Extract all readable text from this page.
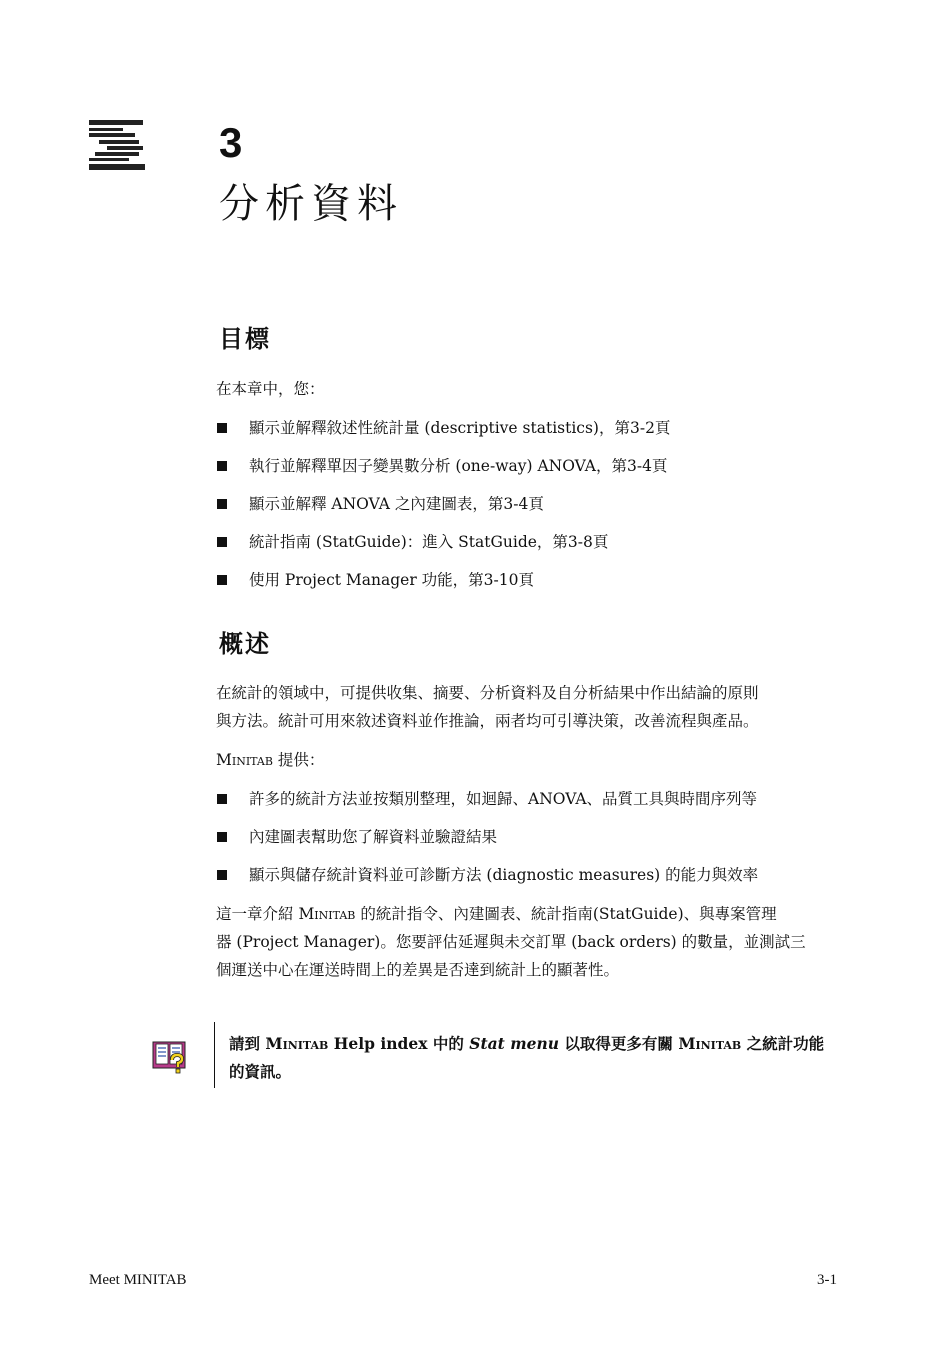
3
分析資料
目標
在本章中，您：
顯示並解釋敘述性統計量 (descriptive statistics)，第3-2頁
執行並解釋單因子變異數分析 (one-way) ANOVA，第3-4頁
顯示並解釋 ANOVA 之內建圖表，第3-4頁
統計指南 (StatGuide)：進入 StatGuide，第3-8頁
使用 Project Manager 功能，第3-10頁
概述
在統計的領域中，可提供收集、摘要、分析資料及自分析結果中作出結論的原則
與方法。統計可用來敘述資料並作推論，兩者均可引導決策，改善流程與產品。
Minitab 提供：
許多的統計方法並按類別整理，如迴歸、ANOVA、品質工具與時間序列等
內建圖表幫助您了解資料並驗證結果
顯示與儲存統計資料並可診斷方法 (diagnostic measures) 的能力與效率
這一章介紹 Minitab 的統計指令、內建圖表、統計指南(StatGuide)、與專案管理
器 (Project Manager)。您要評估延遲與未交訂單 (back orders) 的數量，並測試三
個運送中心在運送時間上的差異是否達到統計上的顯著性。
請到 Minitab Help index 中的 Stat menu 以取得更多有關 Minitab 之統計功能
的資訊。
Meet MINITAB	3-1
